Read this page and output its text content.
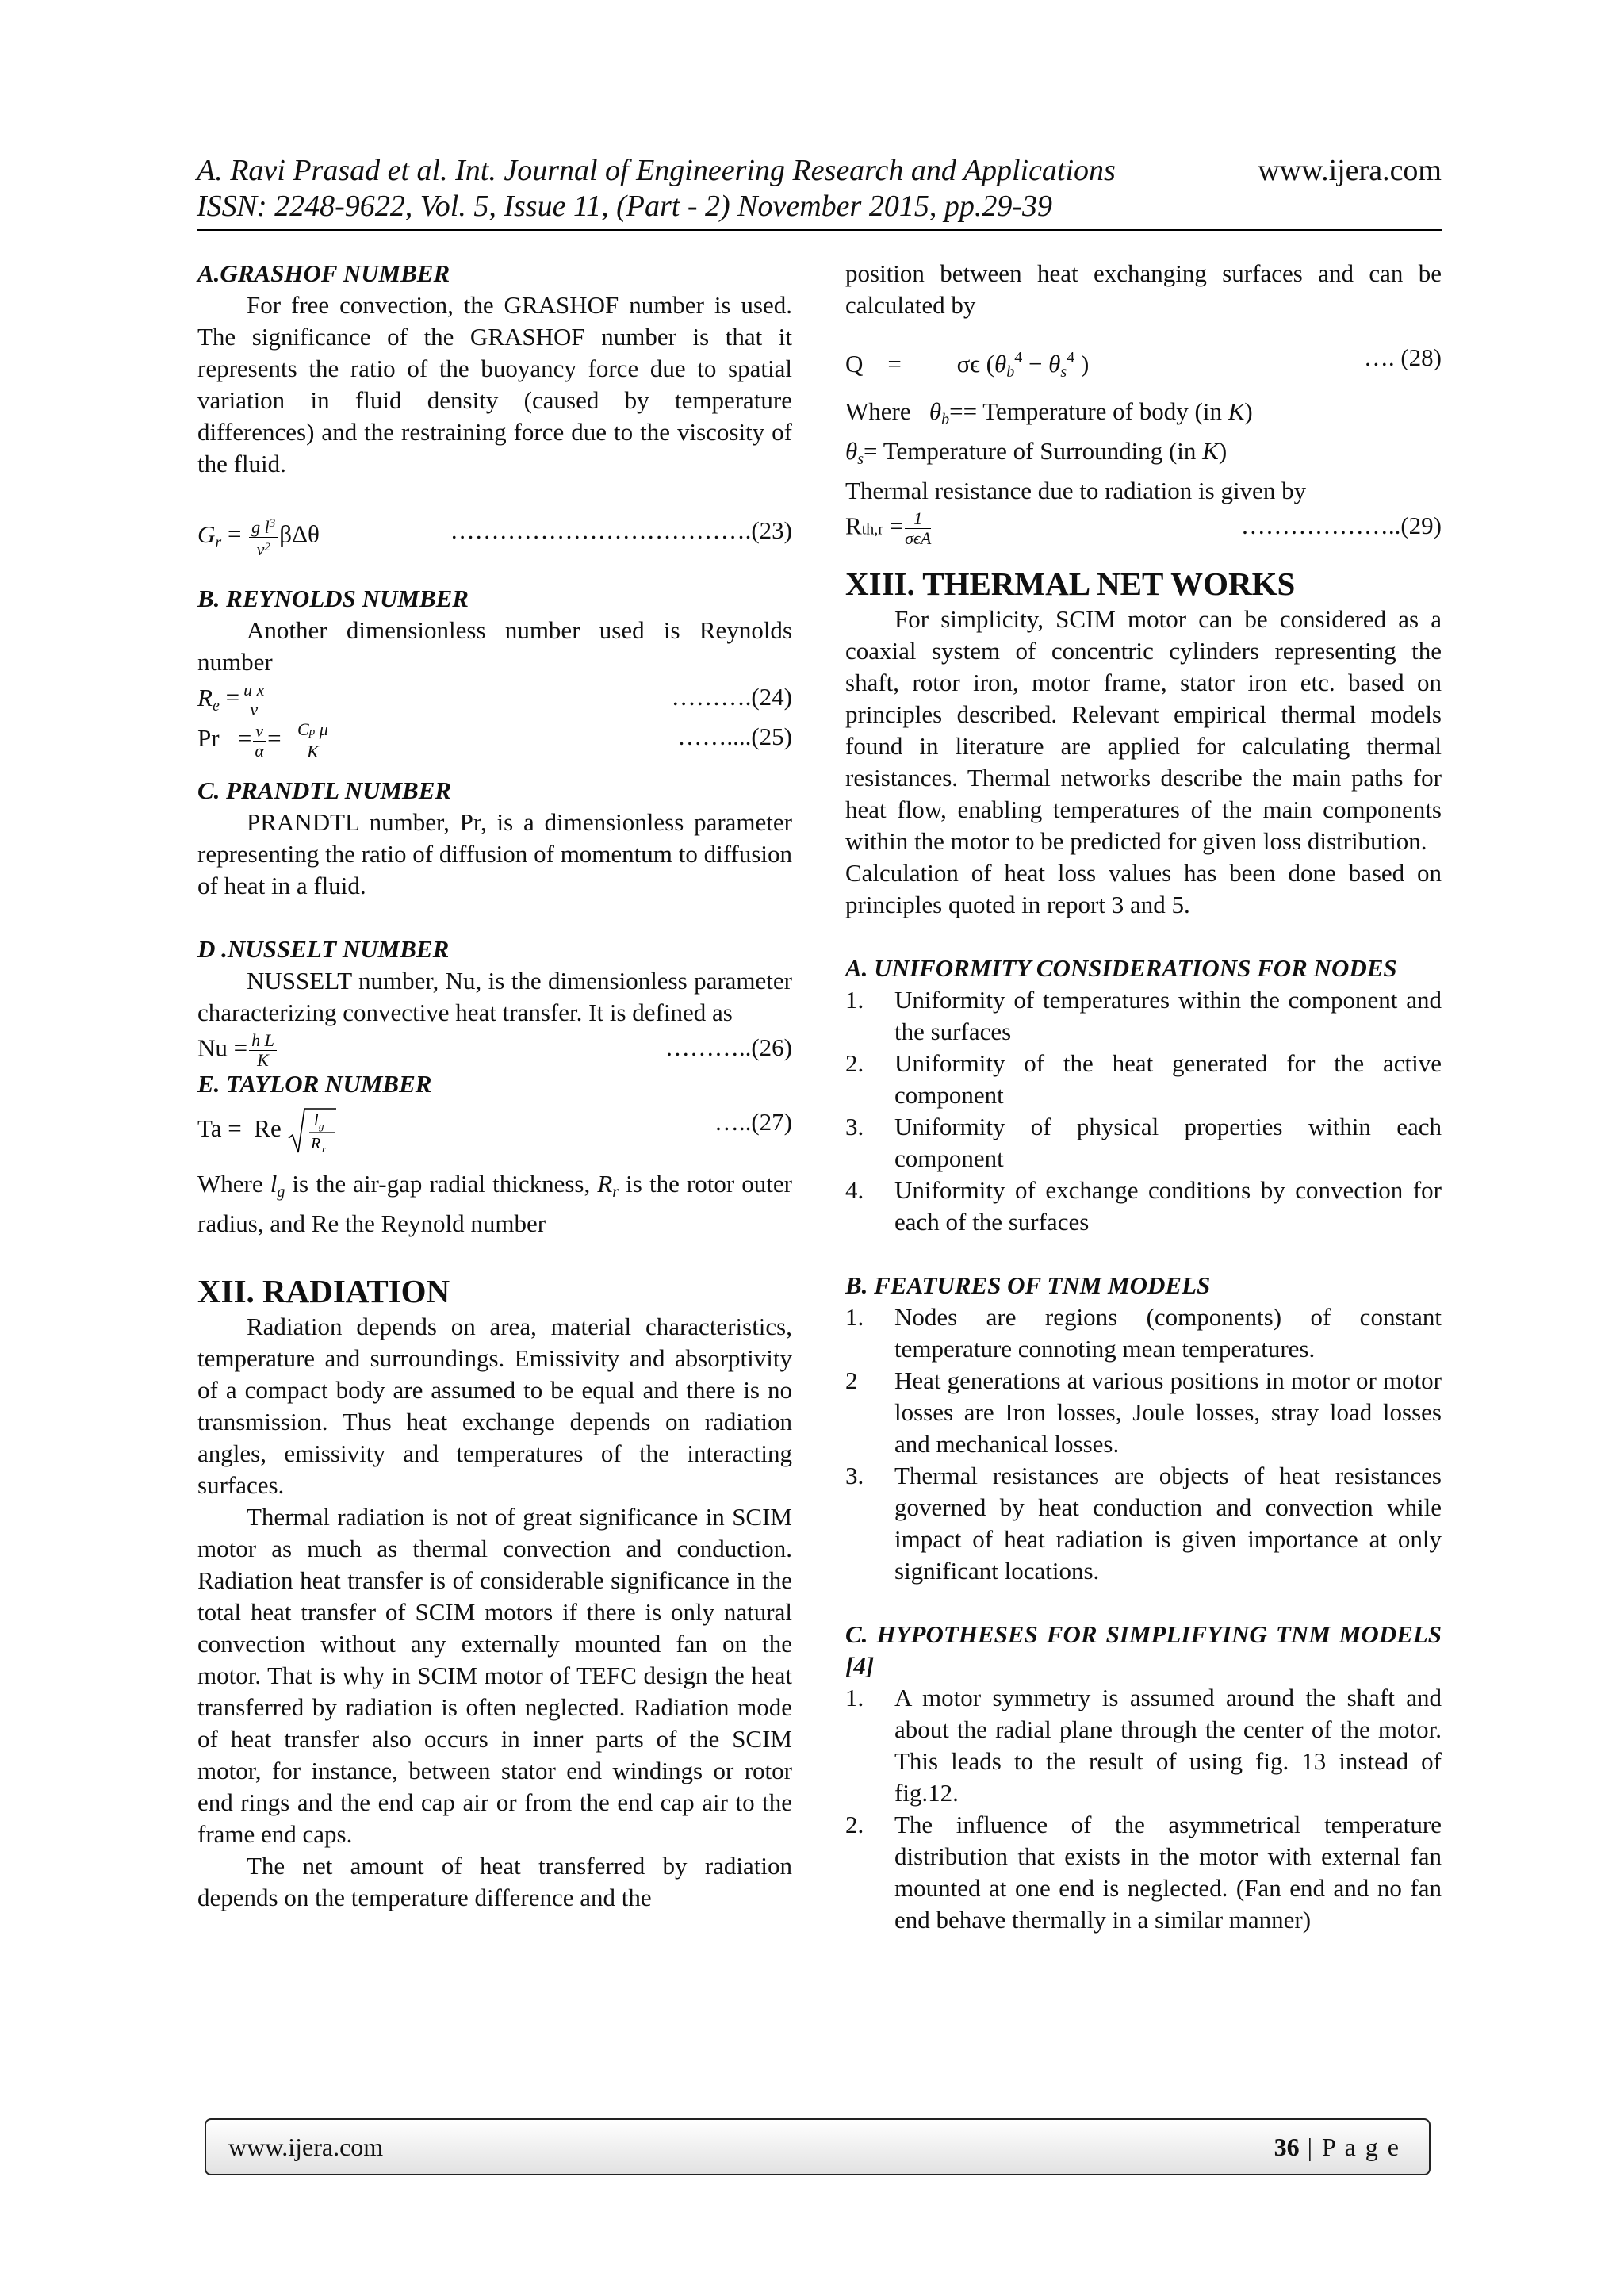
A. Ravi Prasad et al. Int. Journal of Engineering Research and Applications
ISSN: 2248-9622, Vol. 5, Issue 11, (Part - 2) November 2015, pp.29-39
www.ijera.com

A.GRASHOF NUMBER

For free convection, the GRASHOF number is used. The significance of the GRASHOF number is that it represents the ratio of the buoyancy force due to spatial variation in fluid density (caused by temperature differences) and the restraining force due to the viscosity of the fluid.

$G_r = \frac{g l^3}{\nu^2}$ βΔθ	……………………………….(23)

B. REYNOLDS NUMBER

Another dimensionless number used is Reynolds number

$R_e = \frac{\text{u x}}{\nu}$	……….(24)
$Pr = \frac{\nu}{\alpha} = \frac{\text{Cp μ}}{K}$	……....(25)

C. PRANDTL NUMBER

PRANDTL number, Pr, is a dimensionless parameter representing the ratio of diffusion of momentum to diffusion of heat in a fluid.

D .NUSSELT NUMBER

NUSSELT number, Nu, is the dimensionless parameter characterizing convective heat transfer. It is defined as

$Nu = \frac{\text{h L}}{K}$	………..(26)

E. TAYLOR NUMBER

Ta =  Re l g
R r
…..(27)

Where $l_g$ is the air-gap radial thickness, $R_r$ is the rotor outer radius, and Re the Reynold number

XII. RADIATION

Radiation depends on area, material characteristics, temperature and surroundings. Emissivity and absorptivity of a compact body are assumed to be equal and there is no transmission. Thus heat exchange depends on radiation angles, emissivity and temperatures of the interacting surfaces.

Thermal radiation is not of great significance in SCIM motor as much as thermal convection and conduction. Radiation heat transfer is of considerable significance in the total heat transfer of SCIM motors if there is only natural convection without any externally mounted fan on the motor. That is why in SCIM motor of TEFC design the heat transferred by radiation is often neglected. Radiation mode of heat transfer also occurs in inner parts of the SCIM motor, for instance, between stator end windings or rotor end rings and the end cap air or from the end cap air to the frame end caps.

The net amount of heat transferred by radiation depends on the temperature difference and the

position between heat exchanging surfaces and can be calculated by

Q    =         σϵ ($\theta_b^4 - \theta_s^4$ )	…. (28)

Where   $\theta_b==$ Temperature of body (in K)

$\theta_s=$ Temperature of Surrounding (in K)

Thermal resistance due to radiation is given by

$Rth,r = \frac{1}{\text{σϵA}}$	………………..(29)

XIII. THERMAL NET WORKS

For simplicity, SCIM motor can be considered as a coaxial system of concentric cylinders representing the shaft, rotor iron, motor frame, stator iron etc. based on principles described. Relevant empirical thermal models found in literature are applied for calculating thermal resistances. Thermal networks describe the main paths for heat flow, enabling temperatures of the main components within the motor to be predicted for given loss distribution.

Calculation of heat loss values has been done based on principles quoted in report 3 and 5.

A. UNIFORMITY CONSIDERATIONS FOR NODES

1. Uniformity of temperatures within the component and the surfaces
2. Uniformity of the heat generated for the active component
3. Uniformity of physical properties within each component
4. Uniformity of exchange conditions by convection for each of the surfaces

B. FEATURES OF TNM MODELS

1. Nodes are regions (components) of constant temperature connoting mean temperatures.
2 Heat generations at various positions in motor or motor losses are Iron losses, Joule losses, stray load losses and mechanical losses.
3. Thermal resistances are objects of heat resistances governed by heat conduction and convection while impact of heat radiation is given importance at only significant locations.

C. HYPOTHESES FOR SIMPLIFYING TNM MODELS [4]

1. A motor symmetry is assumed around the shaft and about the radial plane through the center of the motor. This leads to the result of using fig. 13 instead of fig.12.
2. The influence of the asymmetrical temperature distribution that exists in the motor with external fan mounted at one end is neglected. (Fan end and no fan end behave thermally in a similar manner)
www.ijera.com	36 | P a g e
